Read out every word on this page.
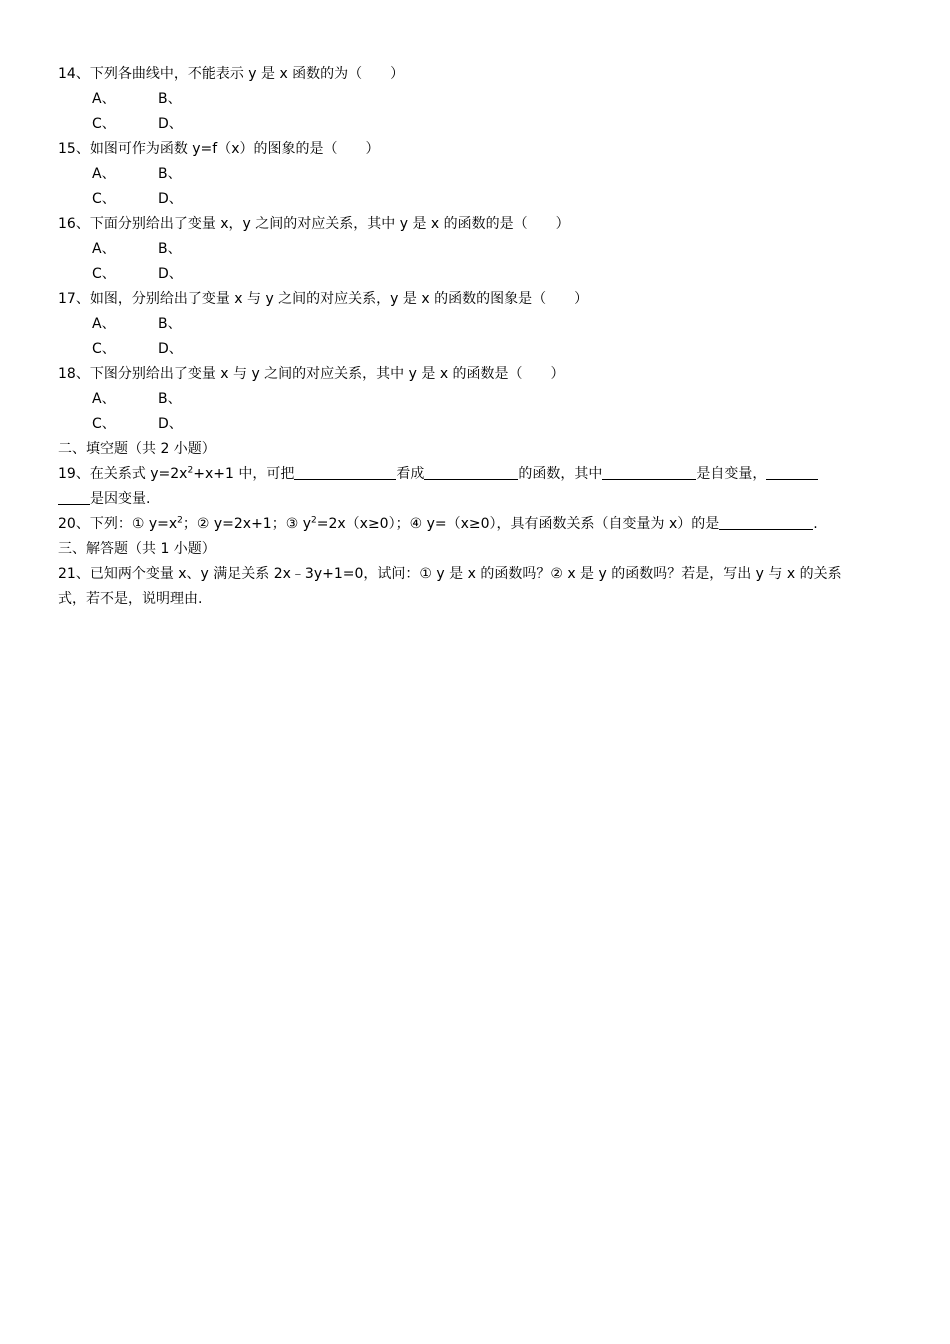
14、下列各曲线中，不能表示 y 是 x 函数的为（　　）
A、	B、
C、	D、
15、如图可作为函数 y=f（x）的图象的是（　　）
A、	B、
C、	D、
16、下面分别给出了变量 x，y 之间的对应关系，其中 y 是 x 的函数的是（　　）
A、	B、
C、	D、
17、如图，分别给出了变量 x 与 y 之间的对应关系，y 是 x 的函数的图象是（　　）
A、	B、
C、	D、
18、下图分别给出了变量 x 与 y 之间的对应关系，其中 y 是 x 的函数是（　　）
A、	B、
C、	D、
二、填空题（共 2 小题）
19、在关系式 $y=2x^2+x+1$ 中，可把	看成	的函数，其中	是自变量，
是因变量.
20、下列：① $y=x^2$；② y=2x+1；③ $y^2=2x(x\ge 0)$；④ y=（x≥0），具有函数关系（自变量为 x）的是	.
三、解答题（共 1 小题）
21、已知两个变量 x、y 满足关系 2x﹣3y+1=0，试问：① y 是 x 的函数吗？② x 是 y 的函数吗？若是，写出 y 与 x 的关系
式，若不是，说明理由.
